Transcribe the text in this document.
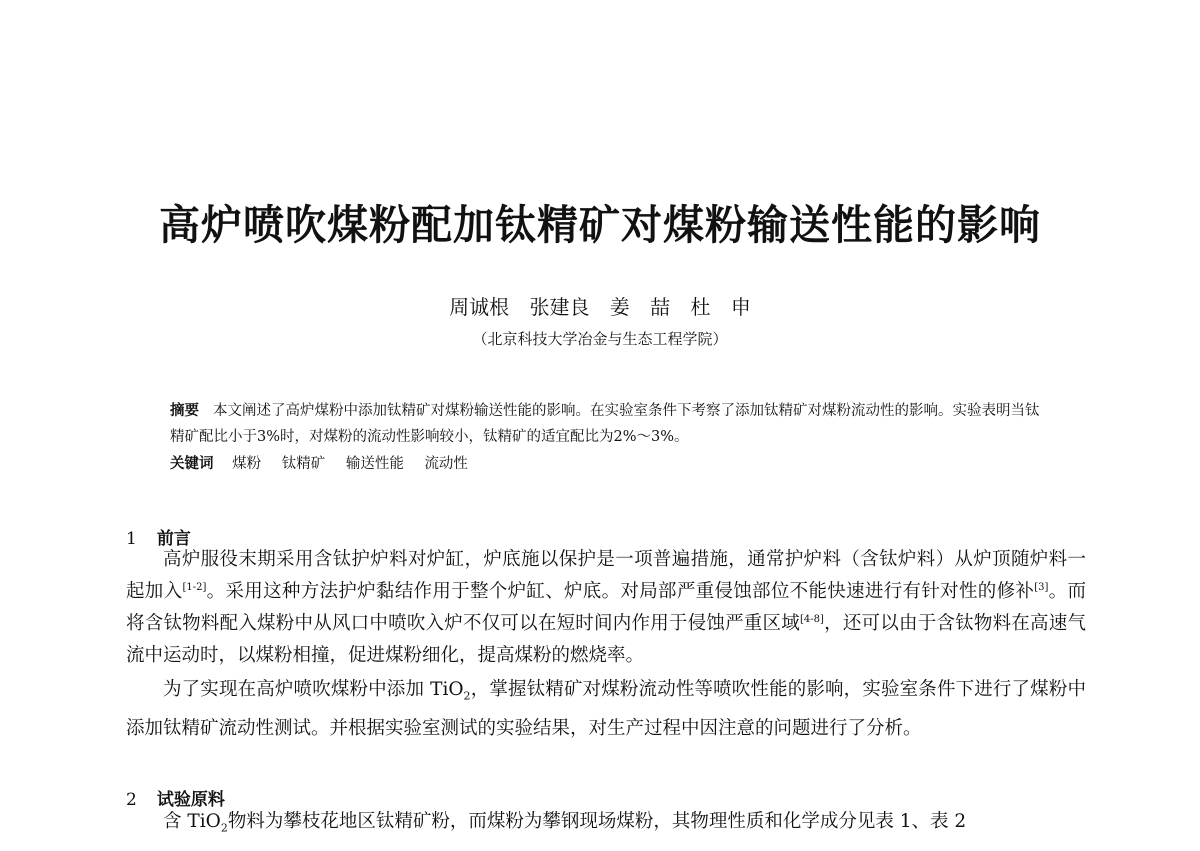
高炉喷吹煤粉配加钛精矿对煤粉输送性能的影响
周诚根 张建良 姜 喆 杜 申
（北京科技大学冶金与生态工程学院）
摘要 本文阐述了高炉煤粉中添加钛精矿对煤粉输送性能的影响。在实验室条件下考察了添加钛精矿对煤粉流动性的影响。实验表明当钛精矿配比小于3%时，对煤粉的流动性影响较小，钛精矿的适宜配比为2%～3%。
关键词 煤粉 钛精矿 输送性能 流动性
1 前言
高炉服役末期采用含钛护炉料对炉缸，炉底施以保护是一项普遍措施，通常护炉料（含钛炉料）从炉顶随炉料一起加入[1-2]。采用这种方法护炉黏结作用于整个炉缸、炉底。对局部严重侵蚀部位不能快速进行有针对性的修补[3]。而将含钛物料配入煤粉中从风口中喷吹入炉不仅可以在短时间内作用于侵蚀严重区域[4-8]，还可以由于含钛物料在高速气流中运动时，以煤粉相撞，促进煤粉细化，提高煤粉的燃烧率。
为了实现在高炉喷吹煤粉中添加 TiO$_2$，掌握钛精矿对煤粉流动性等喷吹性能的影响，实验室条件下进行了煤粉中添加钛精矿流动性测试。并根据实验室测试的实验结果，对生产过程中因注意的问题进行了分析。
2 试验原料
含 TiO$_2$物料为攀枝花地区钛精矿粉，而煤粉为攀钢现场煤粉，其物理性质和化学成分见表 1、表 2
